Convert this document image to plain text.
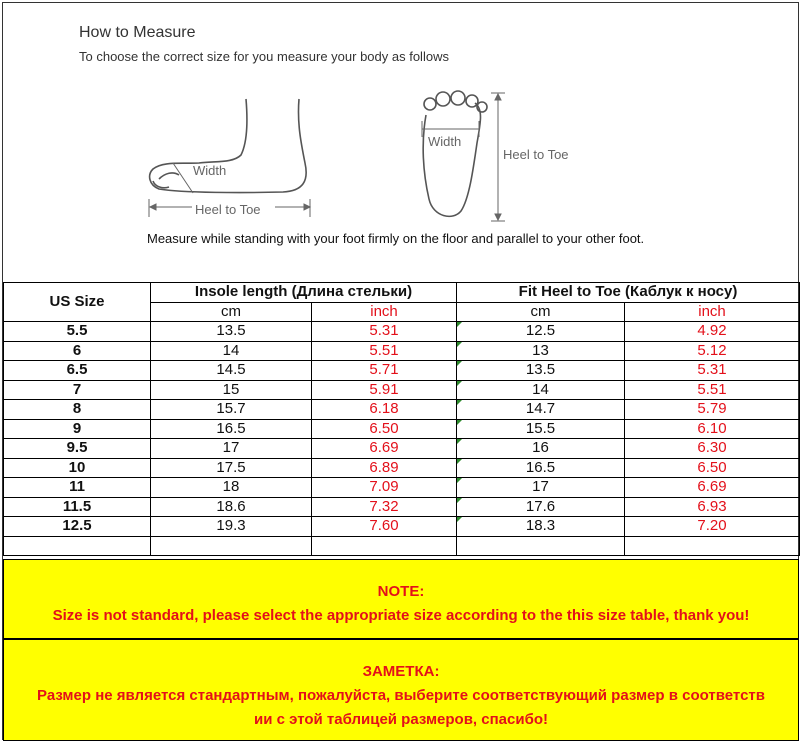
How to Measure
To choose the correct size for you measure your body as follows
Width
Heel to Toe
Width
Heel to Toe
Measure while standing with your foot firmly on the floor and parallel to your other foot.
US Size	Insole length (Длина стельки)		Fit Heel to Toe (Каблук к носу)	
	cm	inch	cm	inch
5.5	13.5	5.31	12.5	4.92
6	14	5.51	13	5.12
6.5	14.5	5.71	13.5	5.31
7	15	5.91	14	5.51
8	15.7	6.18	14.7	5.79
9	16.5	6.50	15.5	6.10
9.5	17	6.69	16	6.30
10	17.5	6.89	16.5	6.50
11	18	7.09	17	6.69
11.5	18.6	7.32	17.6	6.93
12.5	19.3	7.60	18.3	7.20

NOTE:
Size is not standard, please select the appropriate size according to the this size table, thank you!
ЗАМЕТКА:
Размер не является стандартным, пожалуйста, выберите соответствующий размер в соответств
ии с этой таблицей размеров, спасибо!
